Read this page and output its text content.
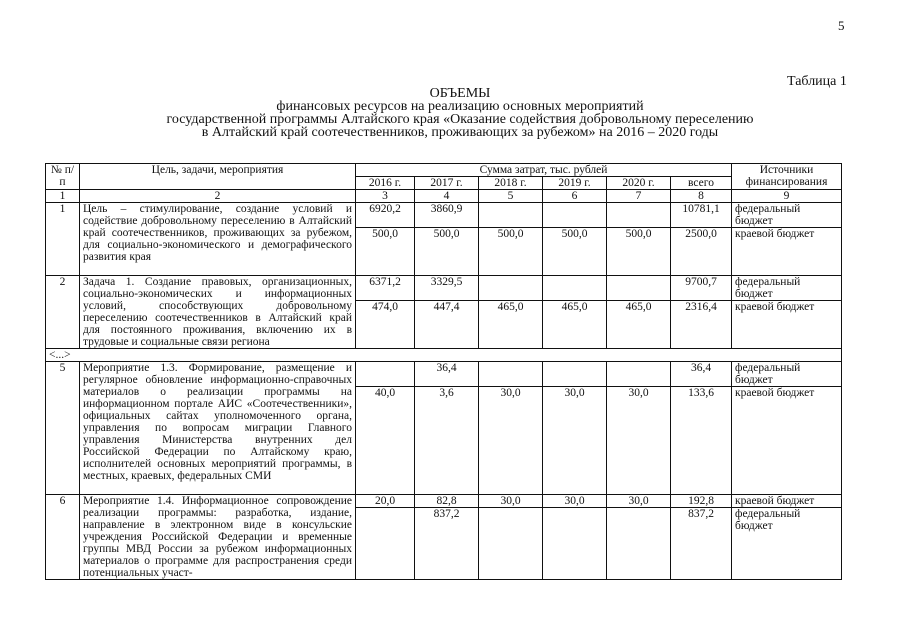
5
Таблица 1
ОБЪЕМЫ
финансовых ресурсов на реализацию основных мероприятий
государственной программы Алтайского края «Оказание содействия добровольному переселению
в Алтайский край соотечественников, проживающих за рубежом» на 2016 – 2020 годы
№ п/п	Цель, задачи, мероприятия	Сумма затрат, тыс. рублей						Источники финансирования
		2016 г.	2017 г.	2018 г.	2019 г.	2020 г.	всего	
1	2	3	4	5	6	7	8	9
1	Цель – стимулирование, создание условий и содействие добровольному переселению в Алтайский край соотечественников, проживающих за рубежом, для социально-экономического и демографического развития края	6920,2	3860,9				10781,1	федеральный бюджет
		500,0	500,0	500,0	500,0	500,0	2500,0	краевой бюджет
2	Задача 1. Создание правовых, организационных, социально-экономических и информационных условий, способствующих добровольному переселению соотечественников в Алтайский край для постоянного проживания, включению их в трудовые и социальные связи региона	6371,2	3329,5				9700,7	федеральный бюджет
		474,0	447,4	465,0	465,0	465,0	2316,4	краевой бюджет
<...>								
5	Мероприятие 1.3. Формирование, размещение и регулярное обновление информационно-справочных материалов о реализации программы на информационном портале АИС «Соотечественники», официальных сайтах уполномоченного органа, управления по вопросам миграции Главного управления Министерства внутренних дел Российской Федерации по Алтайскому краю, исполнителей основных мероприятий программы, в местных, краевых, федеральных СМИ		36,4				36,4	федеральный бюджет
		40,0	3,6	30,0	30,0	30,0	133,6	краевой бюджет
6	Мероприятие 1.4. Информационное сопровождение реализации программы: разработка, издание, направление в электронном виде в консульские учреждения Российской Федерации и временные группы МВД России за рубежом информационных материалов о программе для распространения среди потенциальных участ-	20,0	82,8	30,0	30,0	30,0	192,8	краевой бюджет
			837,2				837,2	федеральный бюджет
